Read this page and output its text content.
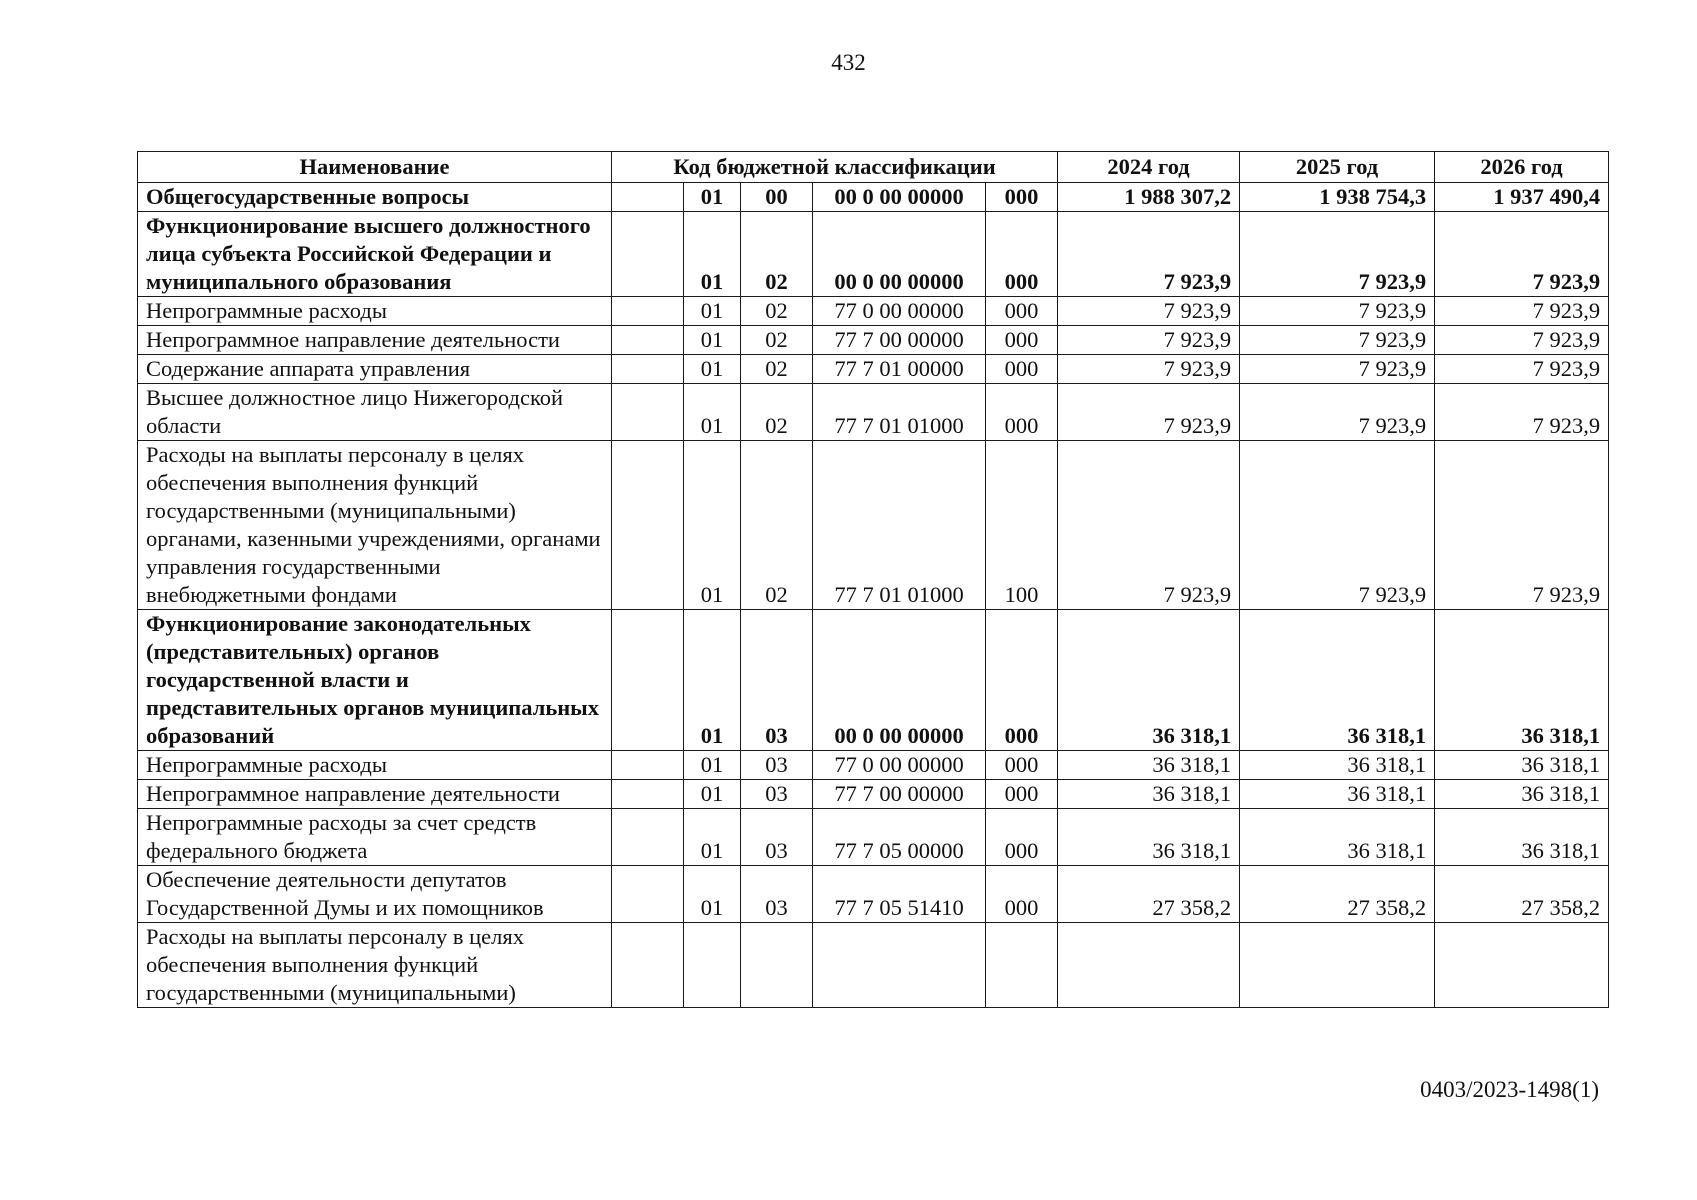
432
Наименование	Код бюджетной классификации					2024 год	2025 год	2026 год
Общегосударственные вопросы		01	00	00 0 00 00000	000	1 988 307,2	1 938 754,3	1 937 490,4
Функционирование высшего должностного лица субъекта Российской Федерации и муниципального образования		01	02	00 0 00 00000	000	7 923,9	7 923,9	7 923,9
Непрограммные расходы		01	02	77 0 00 00000	000	7 923,9	7 923,9	7 923,9
Непрограммное направление деятельности		01	02	77 7 00 00000	000	7 923,9	7 923,9	7 923,9
Содержание аппарата управления		01	02	77 7 01 00000	000	7 923,9	7 923,9	7 923,9
Высшее должностное лицо Нижегородской области		01	02	77 7 01 01000	000	7 923,9	7 923,9	7 923,9
Расходы на выплаты персоналу в целях обеспечения выполнения функций государственными (муниципальными) органами, казенными учреждениями, органами управления государственными внебюджетными фондами		01	02	77 7 01 01000	100	7 923,9	7 923,9	7 923,9
Функционирование законодательных (представительных) органов государственной власти и представительных органов муниципальных образований		01	03	00 0 00 00000	000	36 318,1	36 318,1	36 318,1
Непрограммные расходы		01	03	77 0 00 00000	000	36 318,1	36 318,1	36 318,1
Непрограммное направление деятельности		01	03	77 7 00 00000	000	36 318,1	36 318,1	36 318,1
Непрограммные расходы за счет средств федерального бюджета		01	03	77 7 05 00000	000	36 318,1	36 318,1	36 318,1
Обеспечение деятельности депутатов Государственной Думы и их помощников		01	03	77 7 05 51410	000	27 358,2	27 358,2	27 358,2
Расходы на выплаты персоналу в целях обеспечения выполнения функций государственными (муниципальными)								
0403/2023-1498(1)
